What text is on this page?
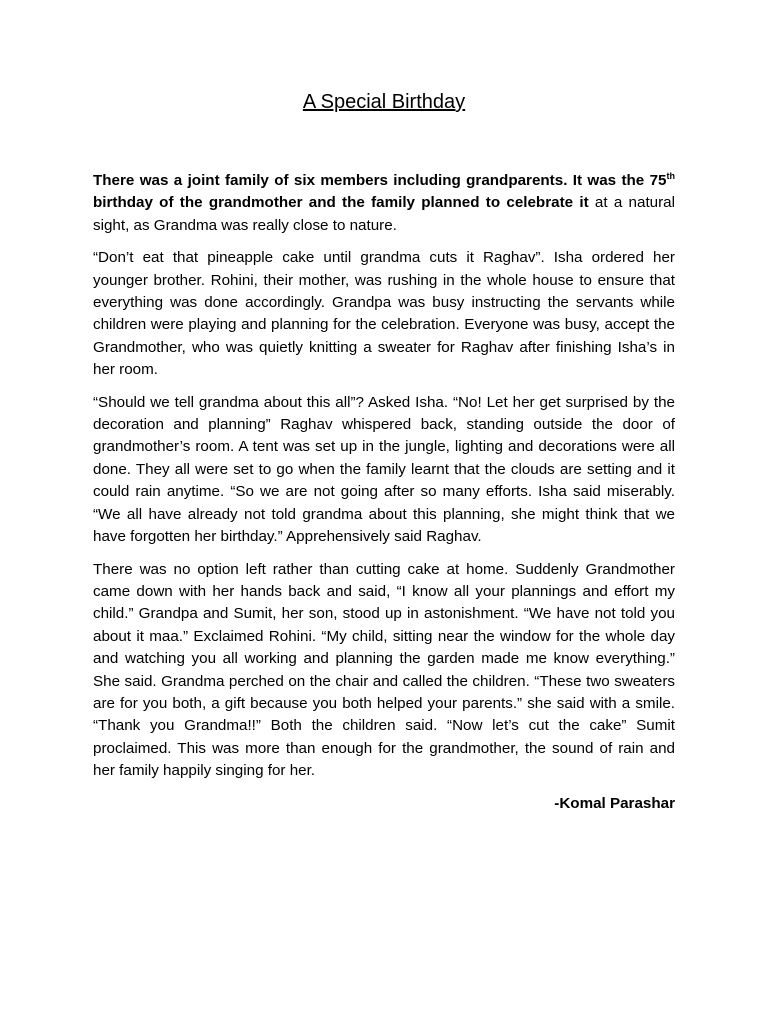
A Special Birthday

There was a joint family of six members including grandparents. It was the 75th birthday of the grandmother and the family planned to celebrate it at a natural sight, as Grandma was really close to nature.

“Don’t eat that pineapple cake until grandma cuts it Raghav”. Isha ordered her younger brother. Rohini, their mother, was rushing in the whole house to ensure that everything was done accordingly. Grandpa was busy instructing the servants while children were playing and planning for the celebration. Everyone was busy, accept the Grandmother, who was quietly knitting a sweater for Raghav after finishing Isha’s in her room.

“Should we tell grandma about this all”? Asked Isha. “No! Let her get surprised by the decoration and planning” Raghav whispered back, standing outside the door of grandmother’s room. A tent was set up in the jungle, lighting and decorations were all done. They all were set to go when the family learnt that the clouds are setting and it could rain anytime. “So we are not going after so many efforts. Isha said miserably. “We all have already not told grandma about this planning, she might think that we have forgotten her birthday.” Apprehensively said Raghav.

There was no option left rather than cutting cake at home. Suddenly Grandmother came down with her hands back and said, “I know all your plannings and effort my child.” Grandpa and Sumit, her son, stood up in astonishment. “We have not told you about it maa.” Exclaimed Rohini. “My child, sitting near the window for the whole day and watching you all working and planning the garden made me know everything.” She said. Grandma perched on the chair and called the children. “These two sweaters are for you both, a gift because you both helped your parents.” she said with a smile. “Thank you Grandma!!” Both the children said. “Now let’s cut the cake” Sumit proclaimed. This was more than enough for the grandmother, the sound of rain and her family happily singing for her.

-Komal Parashar
